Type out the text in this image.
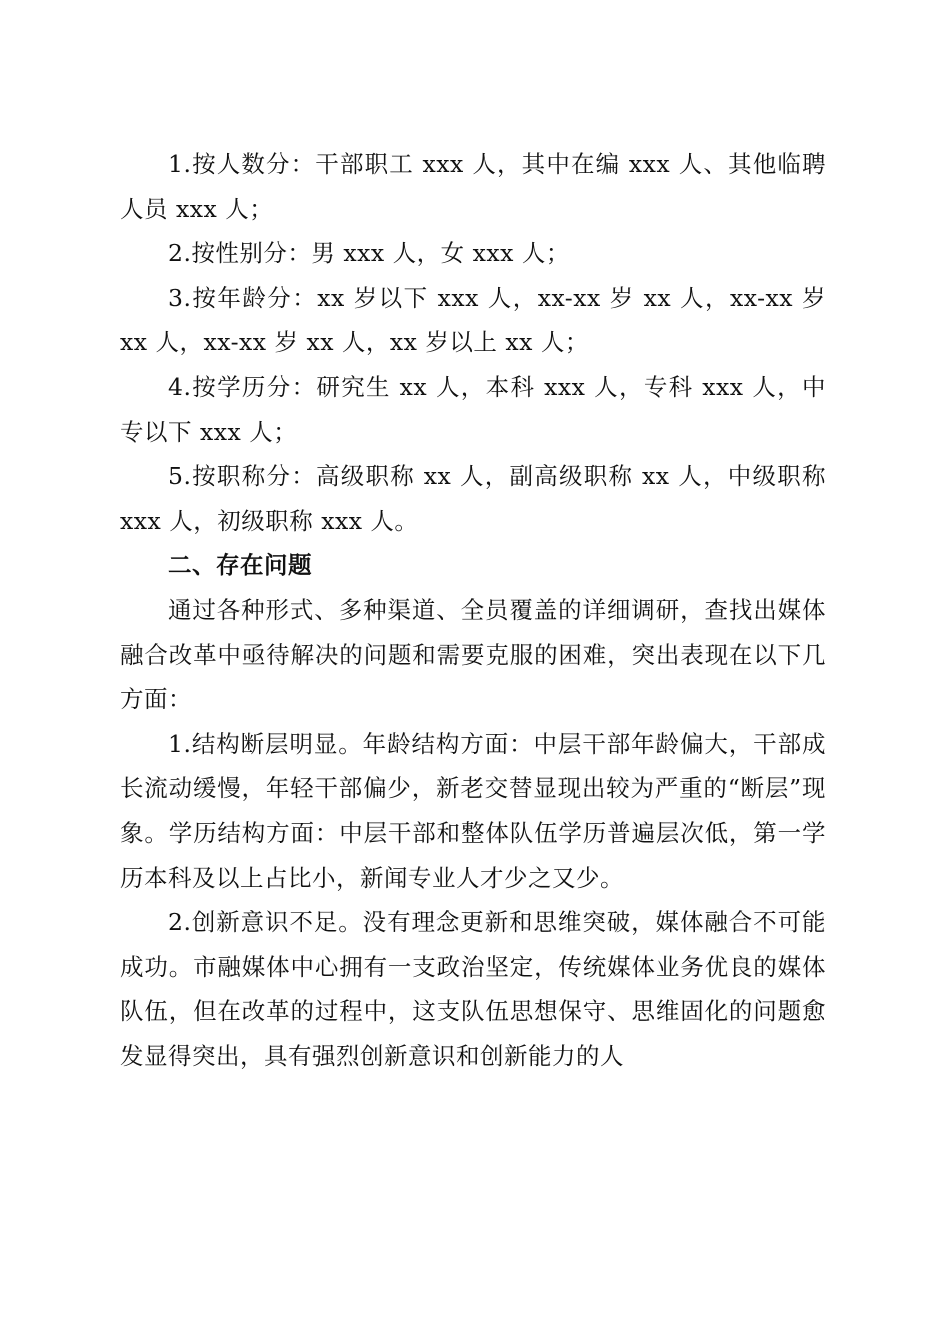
1.按人数分：干部职工 xxx 人，其中在编 xxx 人、其他临聘人员 xxx 人；

2.按性别分：男 xxx 人，女 xxx 人；

3.按年龄分：xx 岁以下 xxx 人，xx-xx 岁 xx 人，xx-xx 岁 xx 人，xx-xx 岁 xx 人，xx 岁以上 xx 人；

4.按学历分：研究生 xx 人，本科 xxx 人，专科 xxx 人，中专以下 xxx 人；

5.按职称分：高级职称 xx 人，副高级职称 xx 人，中级职称 xxx 人，初级职称 xxx 人。

二、存在问题

通过各种形式、多种渠道、全员覆盖的详细调研，查找出媒体融合改革中亟待解决的问题和需要克服的困难，突出表现在以下几方面：

1.结构断层明显。年龄结构方面：中层干部年龄偏大，干部成长流动缓慢，年轻干部偏少，新老交替显现出较为严重的“断层”现象。学历结构方面：中层干部和整体队伍学历普遍层次低，第一学历本科及以上占比小，新闻专业人才少之又少。

2.创新意识不足。没有理念更新和思维突破，媒体融合不可能成功。市融媒体中心拥有一支政治坚定，传统媒体业务优良的媒体队伍，但在改革的过程中，这支队伍思想保守、思维固化的问题愈发显得突出，具有强烈创新意识和创新能力的人
